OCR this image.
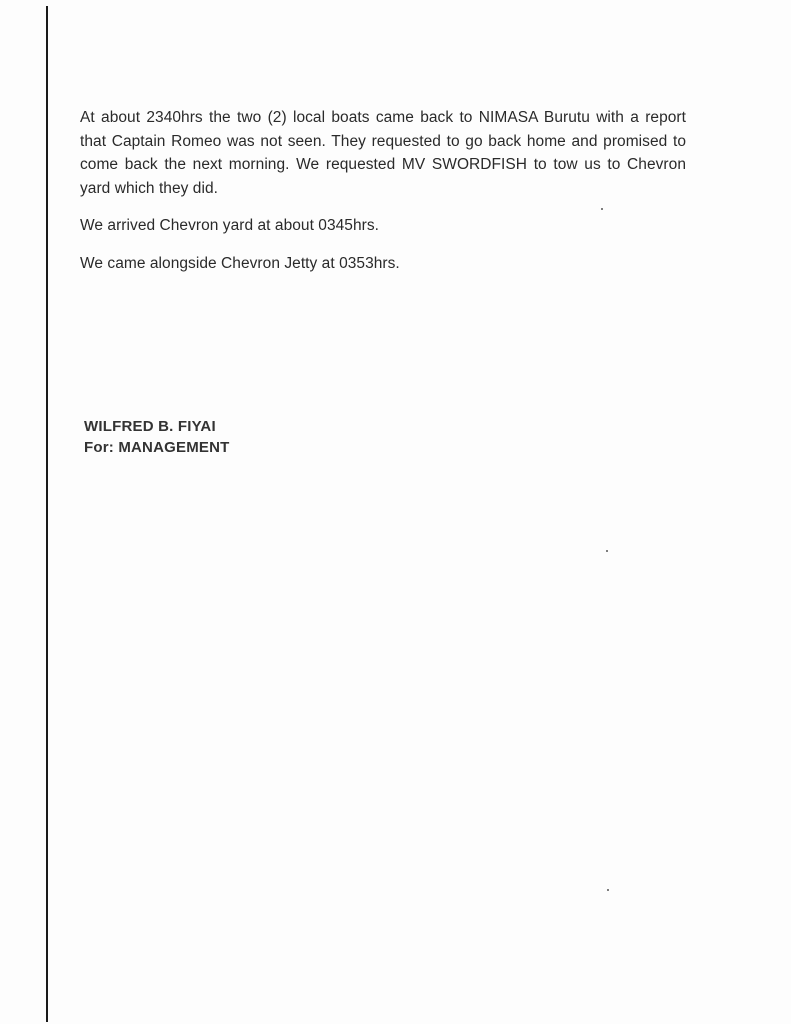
At about 2340hrs the two (2) local boats came back to NIMASA Burutu with a report that Captain Romeo was not seen. They requested to go back home and promised to come back the next morning. We requested MV SWORDFISH to tow us to Chevron yard which they did.

We arrived Chevron yard at about 0345hrs.

We came alongside Chevron Jetty at 0353hrs.

WILFRED B. FIYAI

For: MANAGEMENT
